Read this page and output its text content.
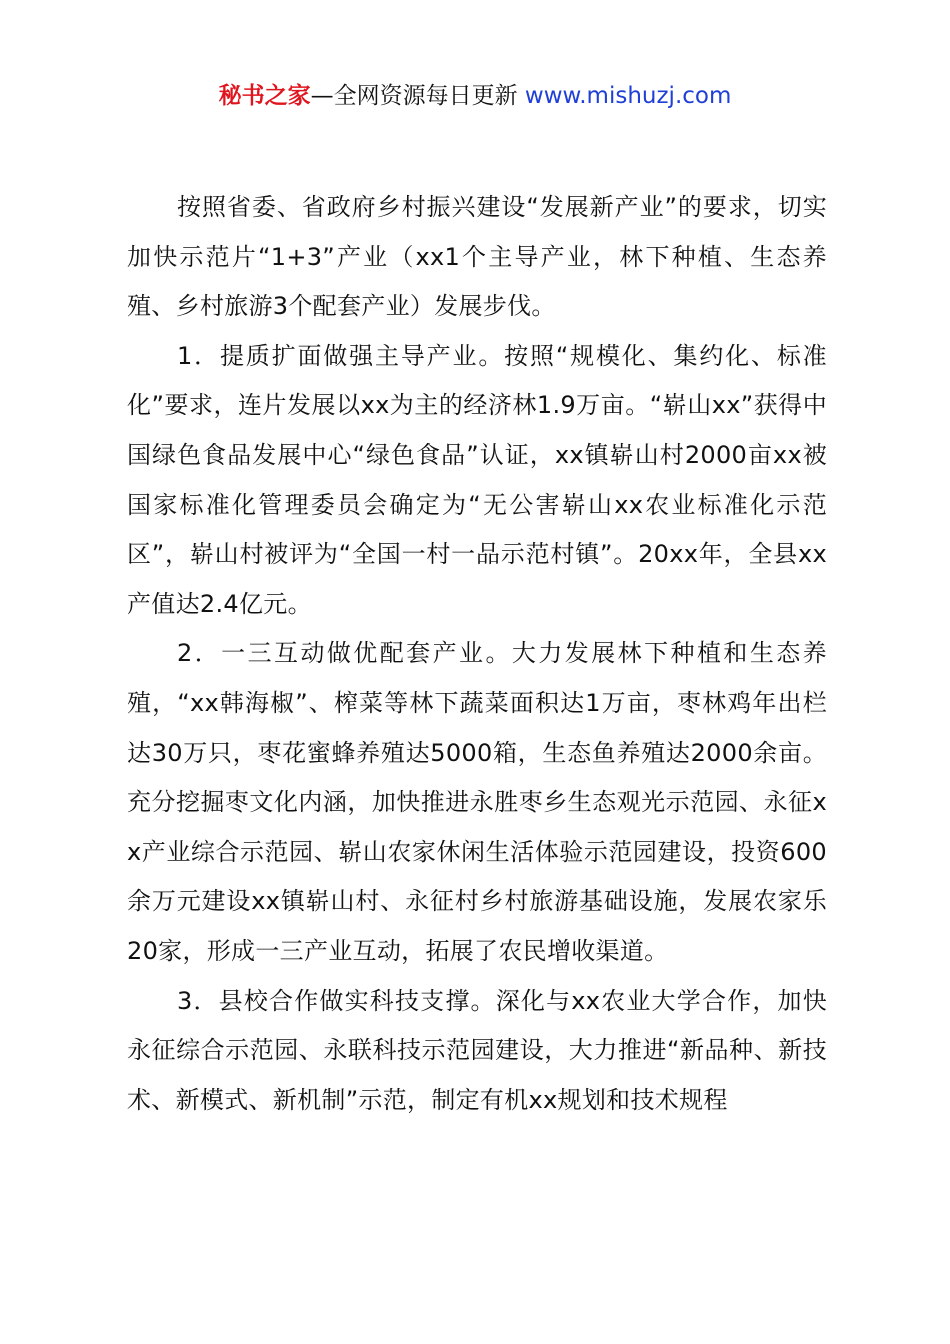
秘书之家—全网资源每日更新 www.mishuzj.com

按照省委、省政府乡村振兴建设“发展新产业”的要求，切实加快示范片“1+3”产业（xx1个主导产业，林下种植、生态养殖、乡村旅游3个配套产业）发展步伐。

1．提质扩面做强主导产业。按照“规模化、集约化、标准化”要求，连片发展以xx为主的经济林1.9万亩。“崭山xx”获得中国绿色食品发展中心“绿色食品”认证，xx镇崭山村2000亩xx被国家标准化管理委员会确定为“无公害崭山xx农业标准化示范区”，崭山村被评为“全国一村一品示范村镇”。20xx年，全县xx产值达2.4亿元。

2．一三互动做优配套产业。大力发展林下种植和生态养殖，“xx韩海椒”、榨菜等林下蔬菜面积达1万亩，枣林鸡年出栏达30万只，枣花蜜蜂养殖达5000箱，生态鱼养殖达2000余亩。充分挖掘枣文化内涵，加快推进永胜枣乡生态观光示范园、永征xx产业综合示范园、崭山农家休闲生活体验示范园建设，投资600余万元建设xx镇崭山村、永征村乡村旅游基础设施，发展农家乐20家，形成一三产业互动，拓展了农民增收渠道。

3．县校合作做实科技支撑。深化与xx农业大学合作，加快永征综合示范园、永联科技示范园建设，大力推进“新品种、新技术、新模式、新机制”示范，制定有机xx规划和技术规程
